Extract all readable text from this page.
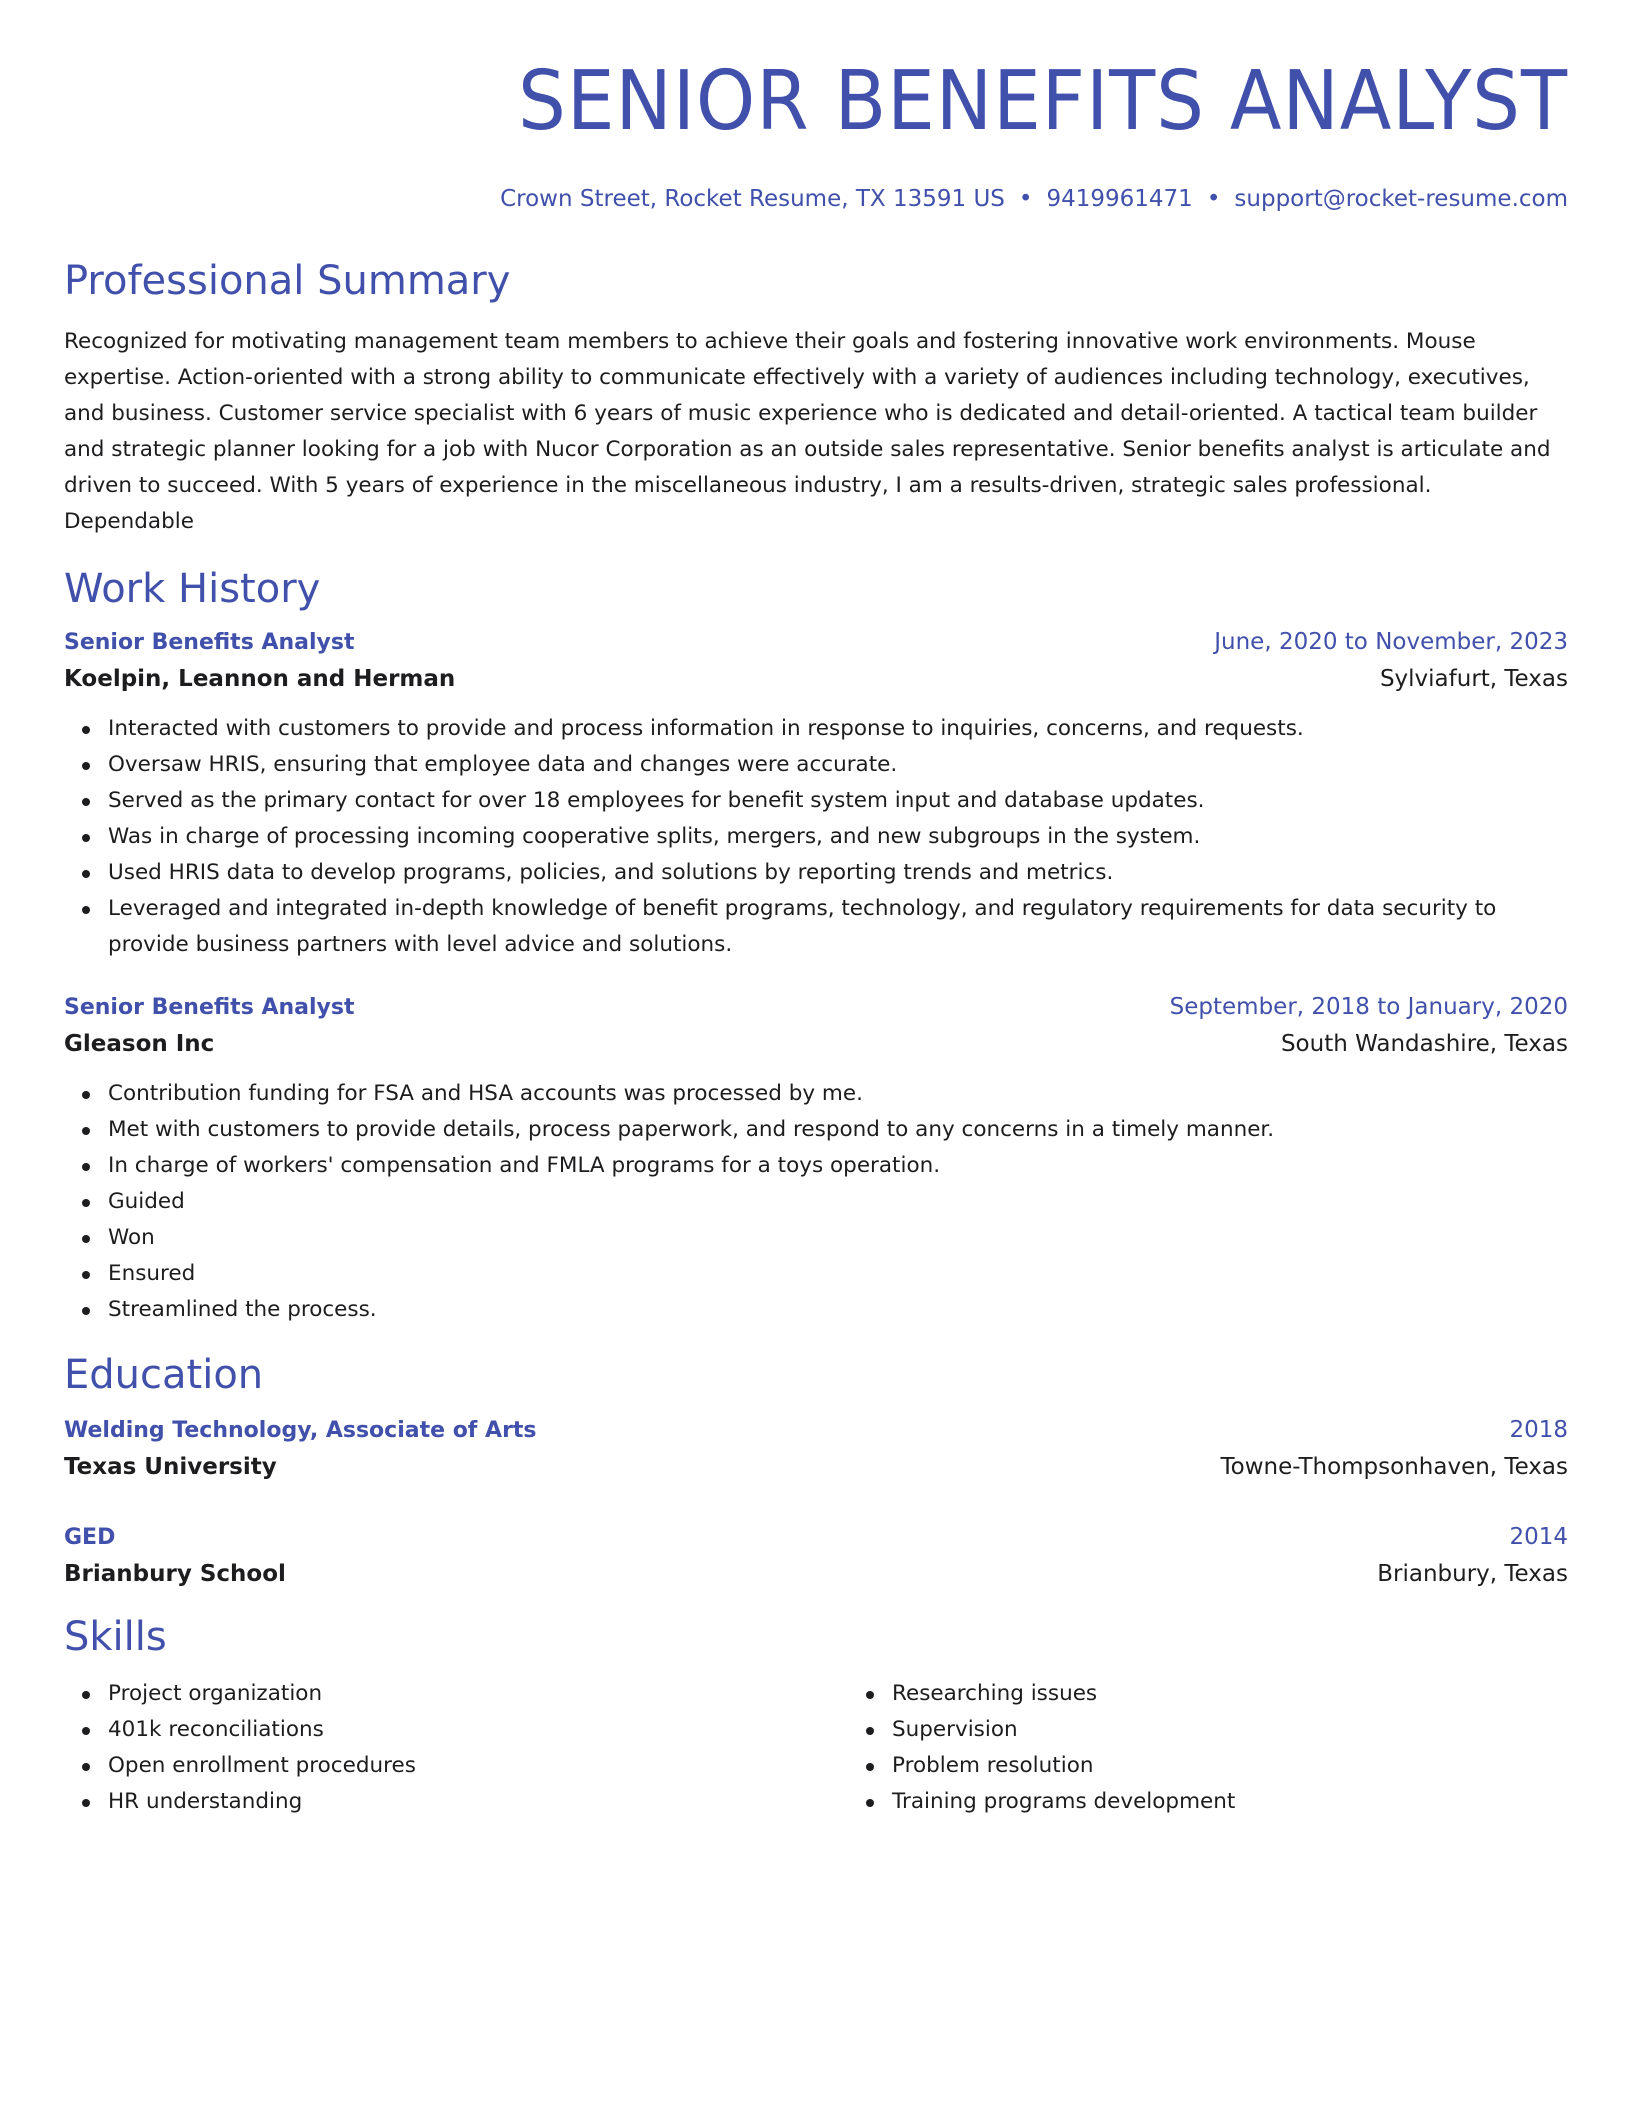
SENIOR BENEFITS ANALYST
Crown Street, Rocket Resume, TX 13591 US • 9419961471 • support@rocket-resume.com
Professional Summary
Recognized for motivating management team members to achieve their goals and fostering innovative work environments. Mouse expertise. Action-oriented with a strong ability to communicate effectively with a variety of audiences including technology, executives, and business. Customer service specialist with 6 years of music experience who is dedicated and detail-oriented. A tactical team builder and strategic planner looking for a job with Nucor Corporation as an outside sales representative. Senior benefits analyst is articulate and driven to succeed. With 5 years of experience in the miscellaneous industry, I am a results-driven, strategic sales professional. Dependable
Work History
Senior Benefits Analyst	June, 2020 to November, 2023
Koelpin, Leannon and Herman	Sylviafurt, Texas
Interacted with customers to provide and process information in response to inquiries, concerns, and requests.
Oversaw HRIS, ensuring that employee data and changes were accurate.
Served as the primary contact for over 18 employees for benefit system input and database updates.
Was in charge of processing incoming cooperative splits, mergers, and new subgroups in the system.
Used HRIS data to develop programs, policies, and solutions by reporting trends and metrics.
Leveraged and integrated in-depth knowledge of benefit programs, technology, and regulatory requirements for data security to provide business partners with level advice and solutions.
Senior Benefits Analyst	September, 2018 to January, 2020
Gleason Inc	South Wandashire, Texas
Contribution funding for FSA and HSA accounts was processed by me.
Met with customers to provide details, process paperwork, and respond to any concerns in a timely manner.
In charge of workers' compensation and FMLA programs for a toys operation.
Guided
Won
Ensured
Streamlined the process.
Education
Welding Technology, Associate of Arts	2018
Texas University	Towne-Thompsonhaven, Texas
GED	2014
Brianbury School	Brianbury, Texas
Skills
Project organization
401k reconciliations
Open enrollment procedures
HR understanding
Researching issues
Supervision
Problem resolution
Training programs development
